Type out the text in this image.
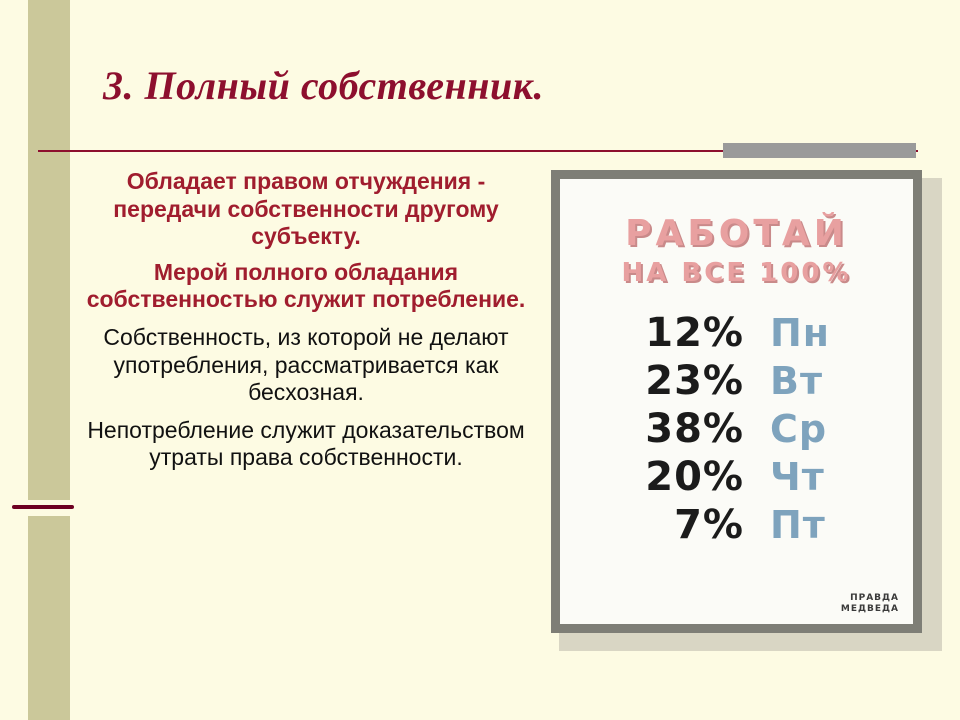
3. Полный собственник.

Обладает правом отчуждения - передачи собственности другому субъекту.

Мерой полного обладания собственностью служит потребление.

Собственность, из которой не делают употребления, рассматривается как бесхозная.

Непотребление служит доказательством утраты права собственности.

РАБОТАЙ
НА ВСЕ 100%
12% Пн
23% Вт
38% Ср
20% Чт
7% Пт
ПРАВДА
МЕДВЕДА
